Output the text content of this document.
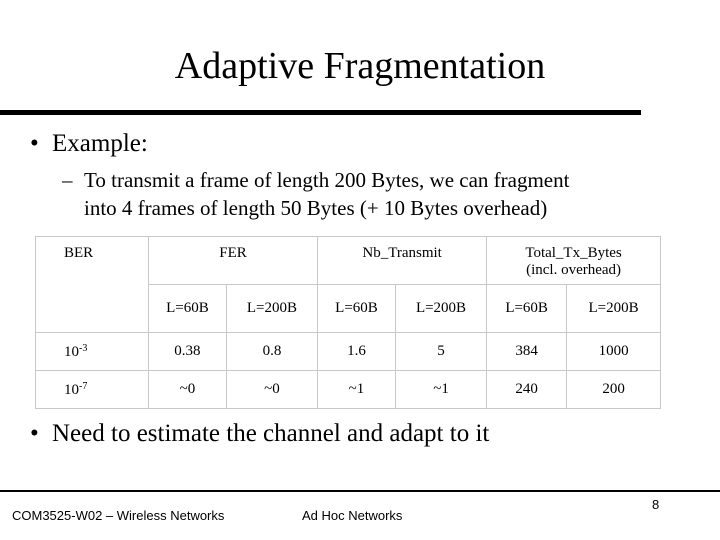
Adaptive Fragmentation
• Example:
– To transmit a frame of length 200 Bytes, we can fragment
into 4 frames of length 50 Bytes (+ 10 Bytes overhead)
BER	FER		Nb_Transmit		Total_Tx_Bytes
(incl. overhead)	

	L=60B	L=200B	L=60B	L=200B	L=60B	L=200B
$10^{-3}$	0.38	0.8	1.6	5	384	1000
$10^{-7}$	~0	~0	~1	~1	240	200
• Need to estimate the channel and adapt to it
COM3525-W02 – Wireless Networks	Ad Hoc Networks
8
